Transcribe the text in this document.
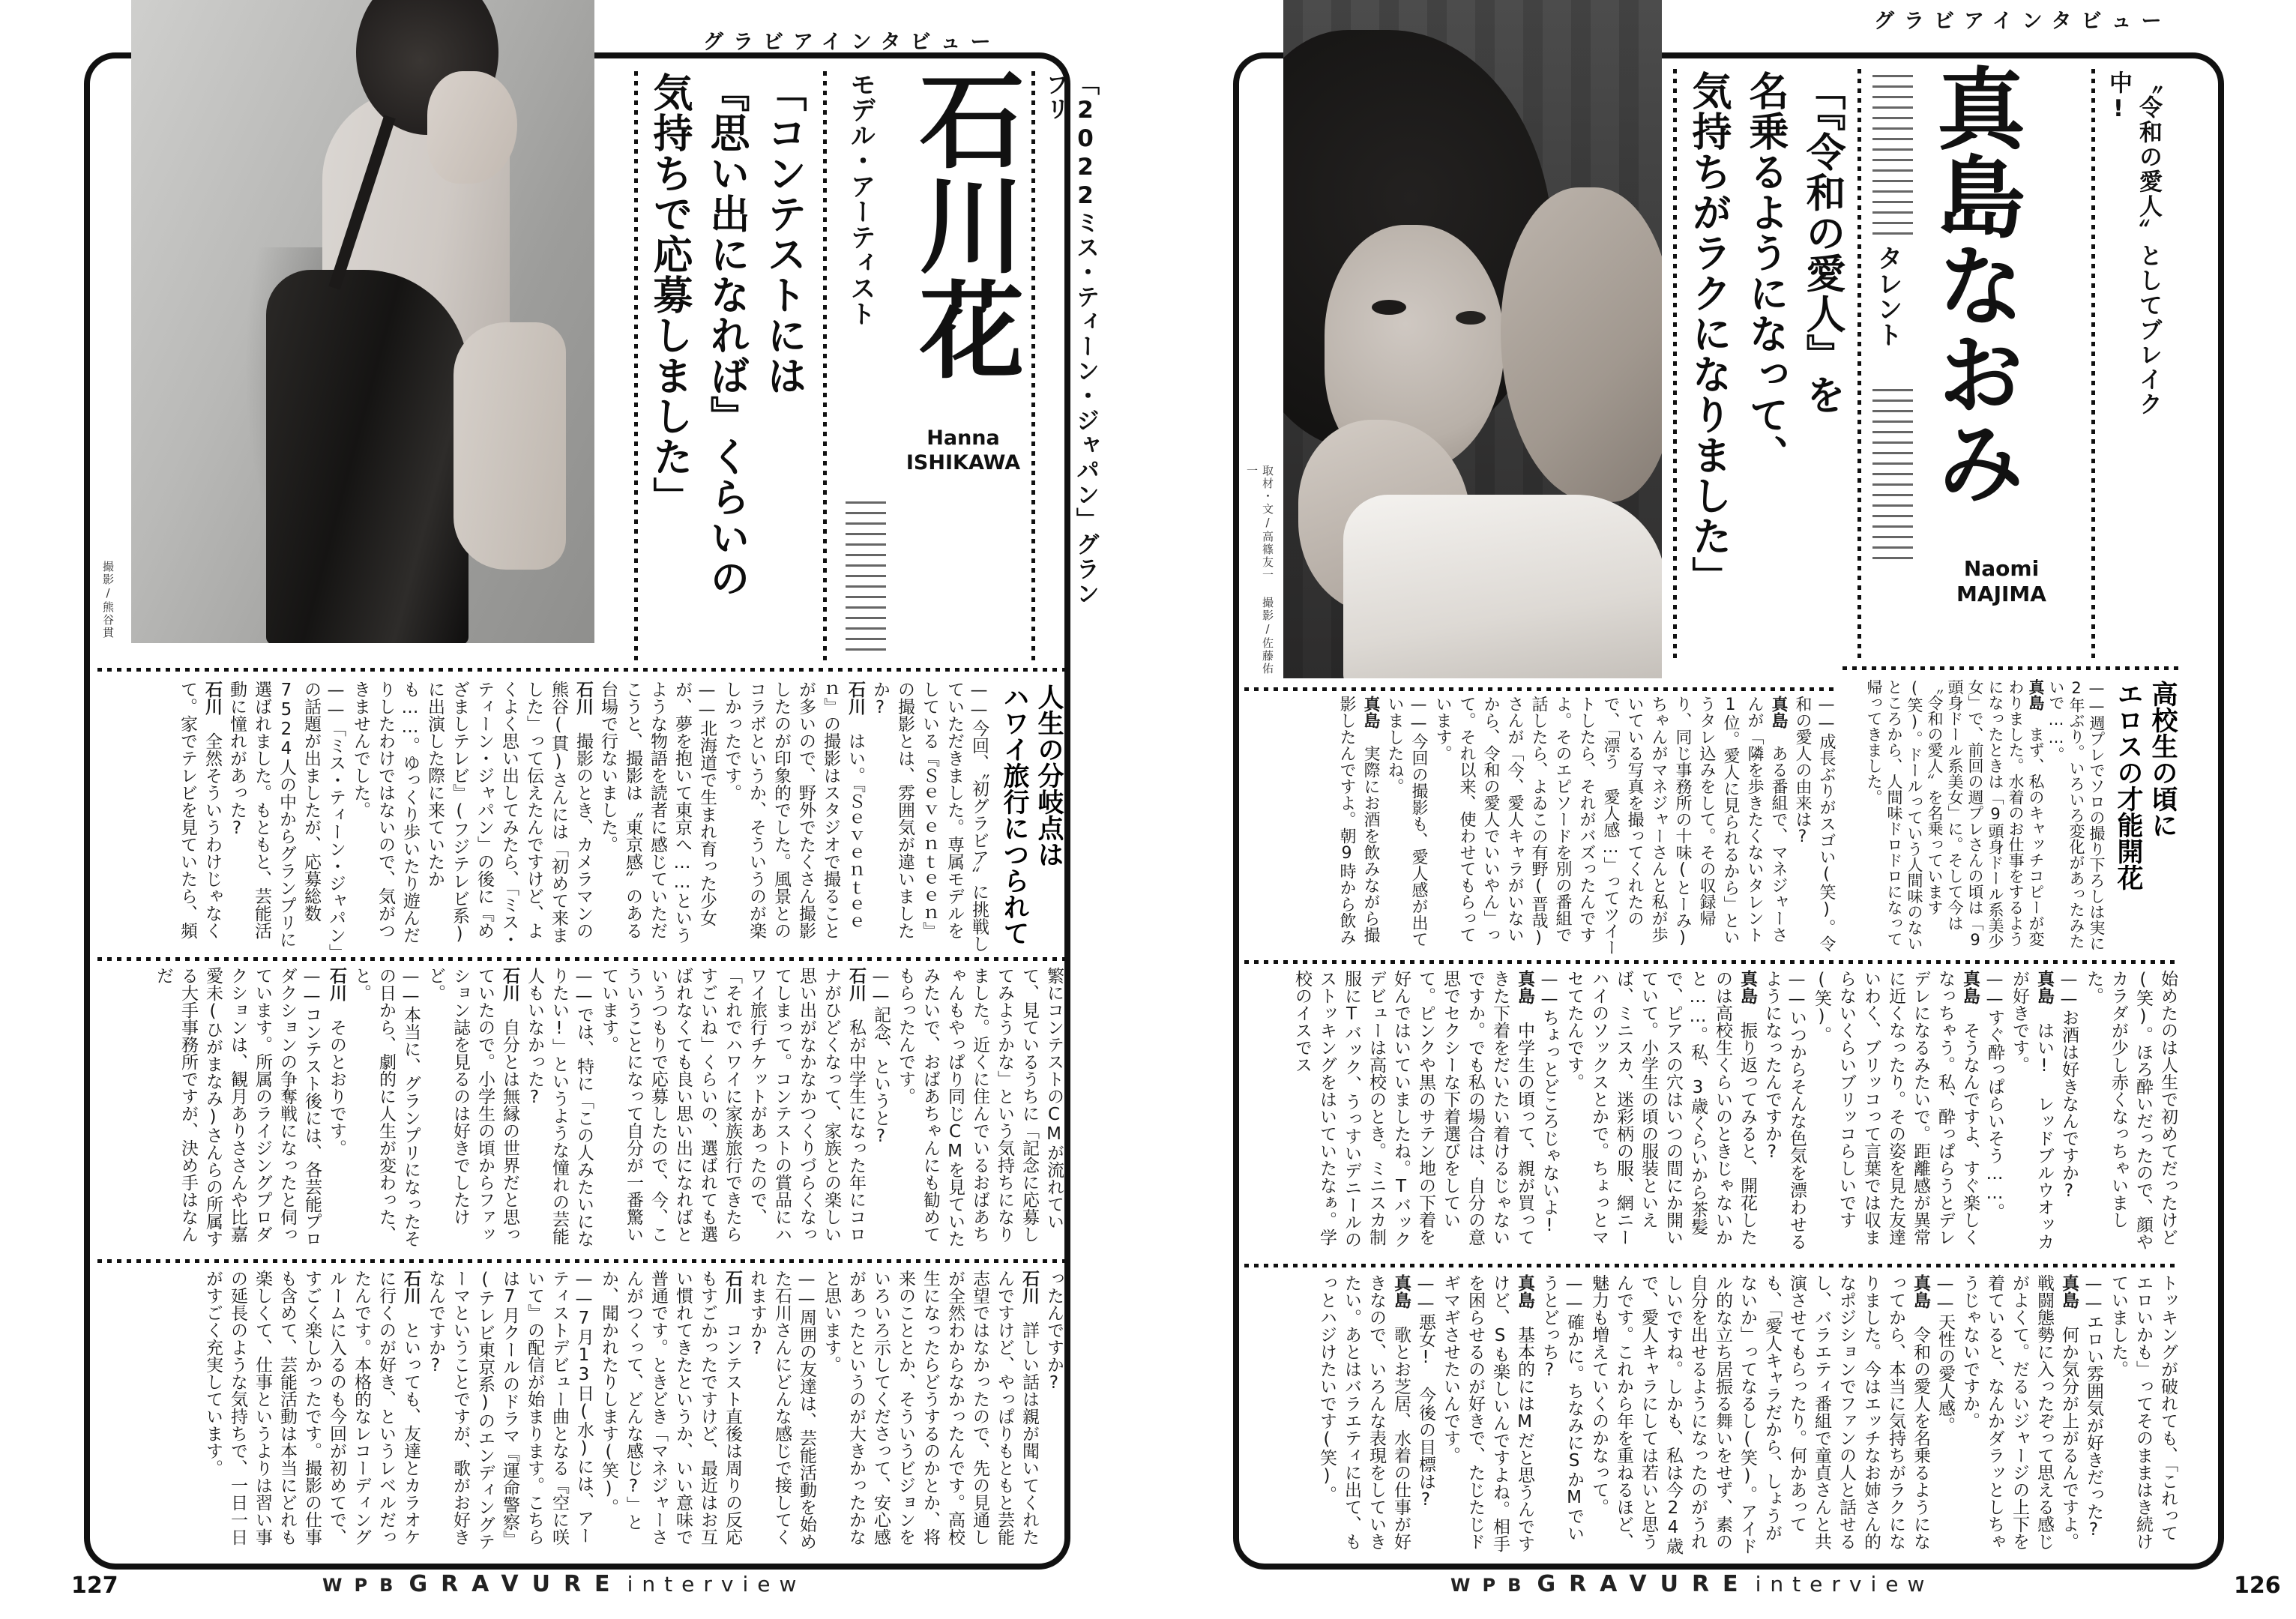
グラビアインタビュー
撮影/熊谷貫
気持ちで応募しました」 『思い出になれば』くらいの 「コンテストには モデル・アーティスト 石川花
Hanna
ISHIKAWA	「2022ミス・ティーン・ジャパン」グランプリ
人生の分岐点は
ハワイ旅行につられて

——今回、〝初グラビア〟に挑戦していただきました。専属モデルをしている『Ｓｅｖｅｎｔｅｅｎ』の撮影とは、雰囲気が違いましたか?

石川　はい。『Ｓｅｖｅｎｔｅｅｎ』の撮影はスタジオで撮ることが多いので、野外でたくさん撮影したのが印象的でした。風景とのコラボというか、そういうのが楽しかったです。

——北海道で生まれ育った少女が、夢を抱いて東京へ……というような物語を読者に感じていただこうと、撮影は〝東京感〟のある台場で行ないました。

石川　撮影のとき、カメラマンの熊谷(貫)さんには「初めて来ました」って伝えたんですけど、よくよく思い出してみたら、「ミス・ティーン・ジャパン」の後に『めざましテレビ』(フジテレビ系)に出演した際に来ていたかも……。ゆっくり歩いたり遊んだりしたわけではないので、気がつきませんでした。

——「ミス・ティーン・ジャパン」の話題が出ましたが、応募総数7524人の中からグランプリに選ばれました。もともと、芸能活動に憧れがあった?

石川　全然そういうわけじゃなくて。家でテレビを見ていたら、頻

繁にコンテストのCMが流れていて、見ているうちに「記念に応募してみようかな」という気持ちになりました。近くに住んでいるおばあちゃんもやっぱり同じCMを見ていたみたいで、おばあちゃんにも勧めてもらったんです。

——記念、というと?

石川　私が中学生になった年にコロナがひどくなって、家族との楽しい思い出がなかなかつくりづらくなってしまって。コンテストの賞品にハワイ旅行チケットがあったので、「それでハワイに家族旅行できたらすごいね」くらいの、選ばれても選ばれなくても良い思い出になればというつもりで応募したので、今、こういうことになって自分が一番驚いています。

——では、特に「この人みたいになりたい!」というような憧れの芸能人もいなかった?

石川　自分とは無縁の世界だと思っていたので。小学生の頃からファッション誌を見るのは好きでしたけど。

——本当に、グランプリになったその日から、劇的に人生が変わった、と。

石川　そのとおりです。

——コンテスト後には、各芸能プロダクションの争奪戦になったと伺っています。所属のライジングプロダクションは、観月ありささんや比嘉愛未(ひがまなみ)さんらの所属する大手事務所ですが、決め手はなんだ

ったんですか?

石川　詳しい話は親が聞いてくれたんですけど、やっぱりもともと芸能志望ではなかったので、先の見通しが全然わからなかったんです。高校生になったらどうするのかとか、将来のこととか、そういうビジョンをいろいろ示してくださって、安心感があったというのが大きかったかなと思います。

——周囲の友達は、芸能活動を始めた石川さんにどんな感じで接してくれますか?

石川　コンテスト直後は周りの反応もすごかったですけど、最近はお互い慣れてきたというか、いい意味で普通です。ときどき「マネジャーさんがつくって、どんな感じ?」とか、聞かれたりします(笑)。

——7月13日(水)には、アーティストデビュー曲となる『空に咲いて』の配信が始まります。こちらは7月クールのドラマ『運命警察』(テレビ東京系)のエンディングテーマということですが、歌がお好きなんですか?

石川　といっても、友達とカラオケに行くのが好き、というレベルだったんです。本格的なレコーディングルームに入るのも今回が初めてで、すごく楽しかったです。撮影の仕事も含めて、芸能活動は本当にどれも楽しくて、仕事というよりは習い事の延長のような気持ちで、一日一日がすごく充実しています。

グラビアインタビュー
取材・文/高篠友一 撮影/佐藤佑一	気持ちがラクになりました」 名乗るようになって、 「『令和の愛人』を タレント 真島なおみ
Naomi
MAJIMA
〝令和の愛人〟としてブレイク中!
高校生の頃に
エロスの才能開花

——週プレでソロの撮り下ろしは実に2年ぶり。いろいろ変化があったみたいで……。

真島　まず、私のキャッチコピーが変わりました。水着のお仕事をするようになったときは「9頭身ドール系美少女」で、前回の週プレさんの頃は「9頭身ドール系美女」に。そして今は〝令和の愛人〟を名乗っています(笑)。ドールっていう人間味のないところから、人間味ドロドロになって帰ってきました。

——成長ぶりがスゴい(笑)。令和の愛人の由来は?

真島　ある番組で、マネジャーさんが「隣を歩きたくないタレント1位。愛人に見られるから」というタレ込みをして。その収録帰り、同じ事務所の十味(とーみ)ちゃんがマネジャーさんと私が歩いている写真を撮ってくれたので、「漂う 愛人感…」ってツイートしたら、それがバズったんですよ。そのエピソードを別の番組で話したら、よゐこの有野(晋哉)さんが「今、愛人キャラがいないから、令和の愛人でいいやん」って。それ以来、使わせてもらっています。

——今回の撮影も、愛人感が出ていましたね。

真島　実際にお酒を飲みながら撮影したんですよ。朝9時から飲み

始めたのは人生で初めてだったけど(笑)。ほろ酔いだったので、顔やカラダが少し赤くなっちゃいました。

——お酒は好きなんですか?

真島　はい! レッドブルウオッカが好きです。

——すぐ酔っぱらいそう……。

真島　そうなんですよ、すぐ楽しくなっちゃう。私、酔っぱらうとデレデレになるみたいで。距離感が異常に近くなったり。その姿を見た友達いわく、ブリッコって言葉では収まらないくらいブリッコらしいです(笑)。

——いつからそんな色気を漂わせるようになったんですか?

真島　振り返ってみると、開花したのは高校生くらいのときじゃないかと……。私、3歳くらいから茶髪で、ピアスの穴はいつの間にか開いていて。小学生の頃の服装といえば、ミニスカ、迷彩柄の服、網ニーハイのソックスとかで。ちょっとマセてたんです。

——ちょっとどころじゃないよ!

真島　中学生の頃って、親が買ってきた下着をだいたい着けるじゃないですか。でも私の場合は、自分の意思でセクシーな下着選びをしていて。ピンクや黒のサテン地の下着を好んではいていましたね。Tバックデビューは高校のとき。ミニスカ制服にTバック、うっすいデニールのストッキングをはいていたなぁ。学校のイスでス

トッキングが破れても、「これってエロいかも」ってそのままはき続けていました。

——エロい雰囲気が好きだった?

真島　何か気分が上がるんですよ。戦闘態勢に入ったぞって思える感じがよくて。だるいジャージの上下を着ていると、なんかダラッとしちゃうじゃないですか。

——天性の愛人感。

真島　令和の愛人を名乗るようになってから、本当に気持ちがラクになりました。今はエッチなお姉さん的なポジションでファンの人と話せるし、バラエティ番組で童貞さんと共演させてもらったり。何かあっても、「愛人キャラだから、しょうがないか」ってなるし(笑)。アイドル的な立ち居振る舞いをせず、素の自分を出せるようになったのがうれしいですね。しかも、私は今24歳で、愛人キャラにしては若いと思うんです。これから年を重ねるほど、魅力も増えていくのかなって。

——確かに。ちなみにSかMでいうとどっち?

真島　基本的にはMだと思うんですけど、Sも楽しいんですよね。相手を困らせるのが好きで、たじたじドギマギさせたいんです。

——悪女! 今後の目標は?

真島　歌とお芝居、水着の仕事が好きなので、いろんな表現をしていきたい。あとはバラエティに出て、もっとハジけたいです(笑)。

127	WPB GRAVURE interview	WPB GRAVURE interview	126
